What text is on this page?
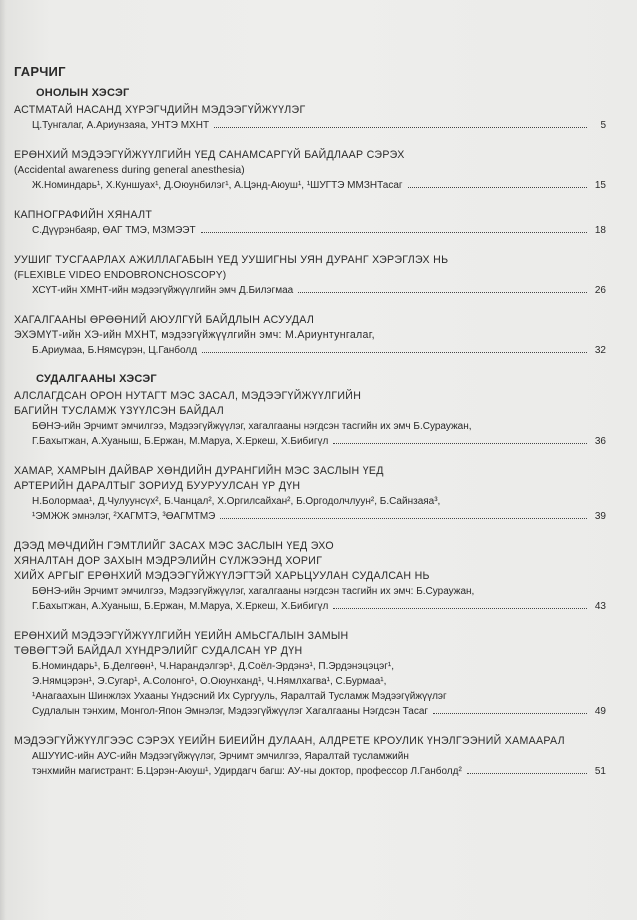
ГАРЧИГ
ОНОЛЫН ХЭСЭГ
АСТМАТАЙ НАСАНД ХҮРЭГЧДИЙН МЭДЭЭГҮЙЖҮҮЛЭГ
Ц.Тунгалаг, А.Ариунзаяа, УНТЭ МХНТ	5
ЕРӨНХИЙ МЭДЭЭГҮЙЖҮҮЛГИЙН ҮЕД САНАМСАРГҮЙ БАЙДЛААР СЭРЭХ
(Accidental awareness during general anesthesia)
Ж.Номиндарь¹, Х.Куншуах¹, Д.Оюунбилэг¹, А.Цэнд-Аюуш¹, ¹ШУГТЭ ММЗНТасаг	15
КАПНОГРАФИЙН ХЯНАЛТ
С.Дүүрэнбаяр, ӨАГ ТМЭ, МЗМЭЭТ	18
УУШИГ ТУСГААРЛАХ АЖИЛЛАГАБЫН ҮЕД УУШИГНЫ УЯН ДУРАНГ ХЭРЭГЛЭХ НЬ
(FLEXIBLE VIDEO ENDOBRONCHOSCOPY)
ХСҮТ-ийн ХМНТ-ийн мэдээгүйжүүлгийн эмч Д.Билэгмаа	26
ХАГАЛГААНЫ ӨРӨӨНИЙ АЮУЛГҮЙ БАЙДЛЫН АСУУДАЛ
ЭХЭМҮТ-ийн ХЭ-ийн МХНТ, мэдээгүйжүүлгийн эмч: М.Ариунтунгалаг,
Б.Ариумаа, Б.Нямсүрэн, Ц.Ганболд	32
СУДАЛГААНЫ ХЭСЭГ
АЛСЛАГДСАН ОРОН НУТАГТ МЭС ЗАСАЛ, МЭДЭЭГҮЙЖҮҮЛГИЙН
БАГИЙН ТУСЛАМЖ ҮЗҮҮЛСЭН БАЙДАЛ
БӨНЭ-ийн Эрчимт эмчилгээ, Мэдээгүйжүүлэг, хагалгааны нэгдсэн тасгийн их эмч Б.Сураужан,
Г.Бахытжан, А.Хуаныш, Б.Ержан, М.Маруа, Х.Еркеш, Х.Бибигүл	36
ХАМАР, ХАМРЫН ДАЙВАР ХӨНДИЙН ДУРАНГИЙН МЭС ЗАСЛЫН ҮЕД
АРТЕРИЙН ДАРАЛТЫГ ЗОРИУД БУУРУУЛСАН ҮР ДҮН
Н.Болормаа¹, Д.Чулуунсүх², Б.Чанцал², Х.Оргилсайхан², Б.Оргодолчлуун², Б.Сайнзаяа³,
¹ЭМЖЖ эмнэлэг, ²ХАГМТЭ, ³ӨАГМТМЭ	39
ДЭЭД МӨЧДИЙН ГЭМТЛИЙГ ЗАСАХ МЭС ЗАСЛЫН ҮЕД ЭХО
ХЯНАЛТАН ДОР ЗАХЫН МЭДРЭЛИЙН СҮЛЖЭЭНД ХОРИГ
ХИЙХ АРГЫГ ЕРӨНХИЙ МЭДЭЭГҮЙЖҮҮЛЭГТЭЙ ХАРЬЦУУЛАН СУДАЛСАН НЬ
БӨНЭ-ийн Эрчимт эмчилгээ, Мэдээгүйжүүлэг, хагалгааны нэгдсэн тасгийн их эмч: Б.Сураужан,
Г.Бахытжан, А.Хуаныш, Б.Ержан, М.Маруа, Х.Еркеш, Х.Бибигүл	43
ЕРӨНХИЙ МЭДЭЭГҮЙЖҮҮЛГИЙН ҮЕИЙН АМЬСГАЛЫН ЗАМЫН
ТӨВӨГТЭЙ БАЙДАЛ ХҮНДРЭЛИЙГ СУДАЛСАН ҮР ДҮН
Б.Номиндарь¹, Б.Делгөөн¹, Ч.Нарандэлгэр¹, Д.Соёл-Эрдэнэ¹, П.Эрдэнэцэцэг¹,
Э.Нямцэрэн¹, Э.Сугар¹, А.Солонго¹, О.Оюунханд¹, Ч.Нямлхагва¹, С.Бурмаа¹,
¹Анагаахын Шинжлэх Ухааны Үндэсний Их Сургууль, Яаралтай Тусламж Мэдээгүйжүүлэг
Судлалын тэнхим, Монгол-Япон Эмнэлэг, Мэдээгүйжүүлэг Хагалгааны Нэгдсэн Тасаг	49
МЭДЭЭГҮЙЖҮҮЛГЭЭС СЭРЭХ ҮЕИЙН БИЕИЙН ДУЛААН, АЛДРЕТЕ КРОУЛИК ҮНЭЛГЭЭНИЙ ХАМААРАЛ
АШУҮИС-ийн АУС-ийн Мэдээгүйжүүлэг, Эрчимт эмчилгээ, Яаралтай тусламжийн
тэнхмийн магистрант: Б.Цэрэн-Аюуш¹, Удирдагч багш: АУ-ны доктор, профессор Л.Ганболд²	51
